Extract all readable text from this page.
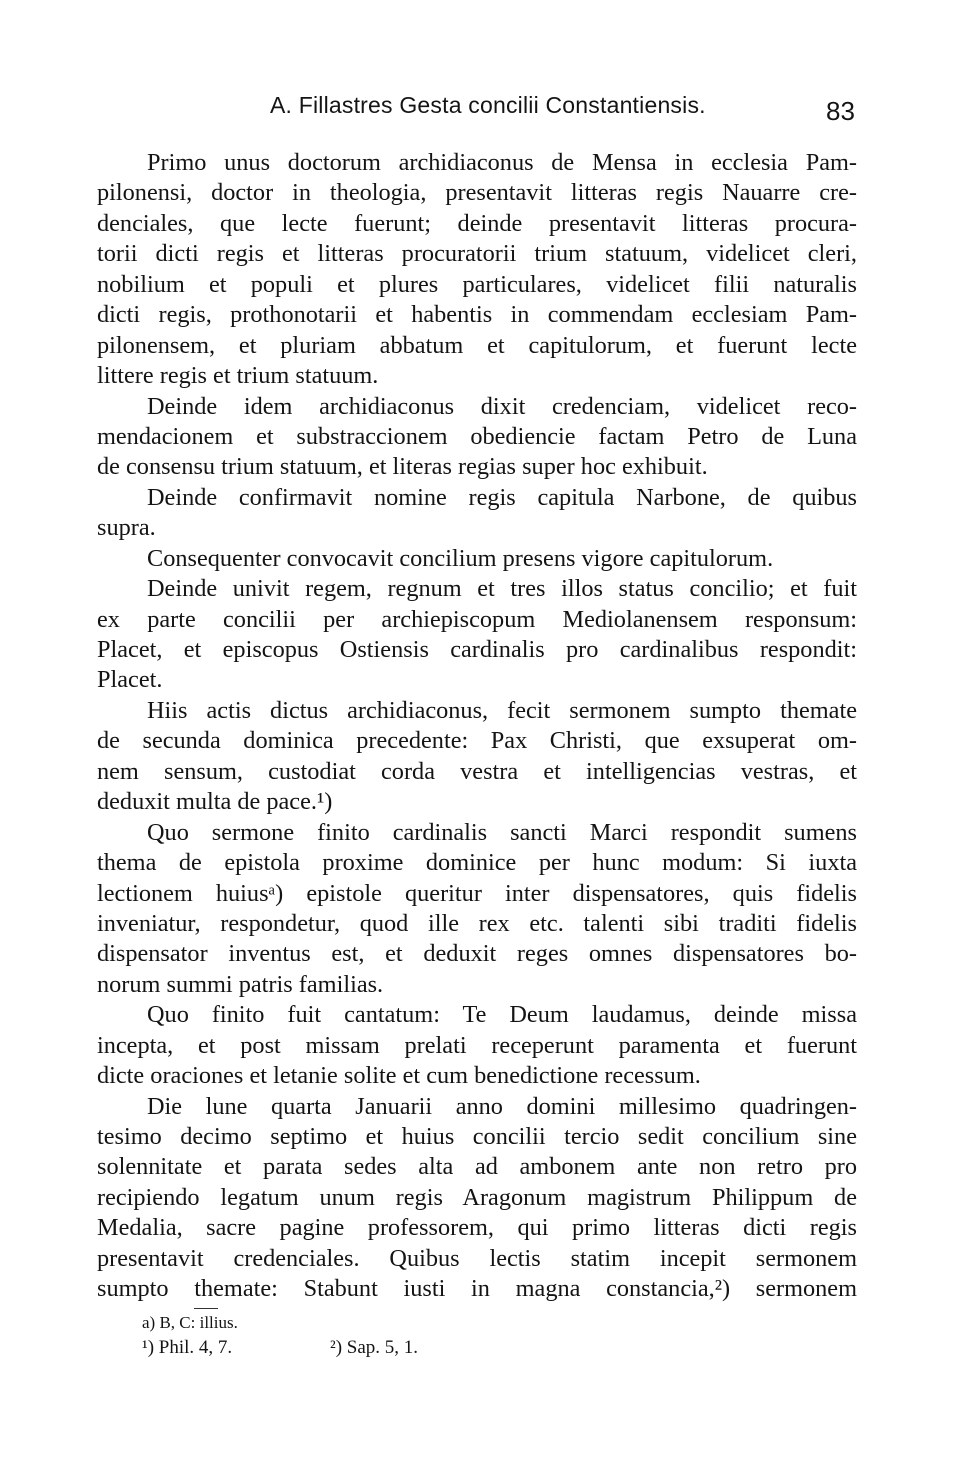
A. Fillastres Gesta concilii Constantiensis.	83
Primo unus doctorum archidiaconus de Mensa in ecclesia Pam-
pilonensi, doctor in theologia, presentavit litteras regis Nauarre cre-
denciales, que lecte fuerunt; deinde presentavit litteras procura-
torii dicti regis et litteras procuratorii trium statuum, videlicet cleri,
nobilium et populi et plures particulares, videlicet filii naturalis
dicti regis, prothonotarii et habentis in commendam ecclesiam Pam-
pilonensem, et pluriam abbatum et capitulorum, et fuerunt lecte
littere regis et trium statuum.
Deinde idem archidiaconus dixit credenciam, videlicet reco-
mendacionem et substraccionem obediencie factam Petro de Luna
de consensu trium statuum, et literas regias super hoc exhibuit.
Deinde confirmavit nomine regis capitula Narbone, de quibus
supra.
Consequenter convocavit concilium presens vigore capitulorum.
Deinde univit regem, regnum et tres illos status concilio; et fuit
ex parte concilii per archiepiscopum Mediolanensem responsum:
Placet, et episcopus Ostiensis cardinalis pro cardinalibus respondit:
Placet.
Hiis actis dictus archidiaconus, fecit sermonem sumpto themate
de secunda dominica precedente: Pax Christi, que exsuperat om-
nem sensum, custodiat corda vestra et intelligencias vestras, et
deduxit multa de pace.¹)
Quo sermone finito cardinalis sancti Marci respondit sumens
thema de epistola proxime dominice per hunc modum: Si iuxta
lectionem huiusᵃ) epistole queritur inter dispensatores, quis fidelis
inveniatur, respondetur, quod ille rex etc. talenti sibi traditi fidelis
dispensator inventus est, et deduxit reges omnes dispensatores bo-
norum summi patris familias.
Quo finito fuit cantatum: Te Deum laudamus, deinde missa
incepta, et post missam prelati receperunt paramenta et fuerunt
dicte oraciones et letanie solite et cum benedictione recessum.
Die lune quarta Januarii anno domini millesimo quadringen-
tesimo decimo septimo et huius concilii tercio sedit concilium sine
solennitate et parata sedes alta ad ambonem ante non retro pro
recipiendo legatum unum regis Aragonum magistrum Philippum de
Medalia, sacre pagine professorem, qui primo litteras dicti regis
presentavit credenciales. Quibus lectis statim incepit sermonem
sumpto themate: Stabunt iusti in magna constancia,²) sermonem
a) B, C: illius.
¹) Phil. 4, 7.	²) Sap. 5, 1.
